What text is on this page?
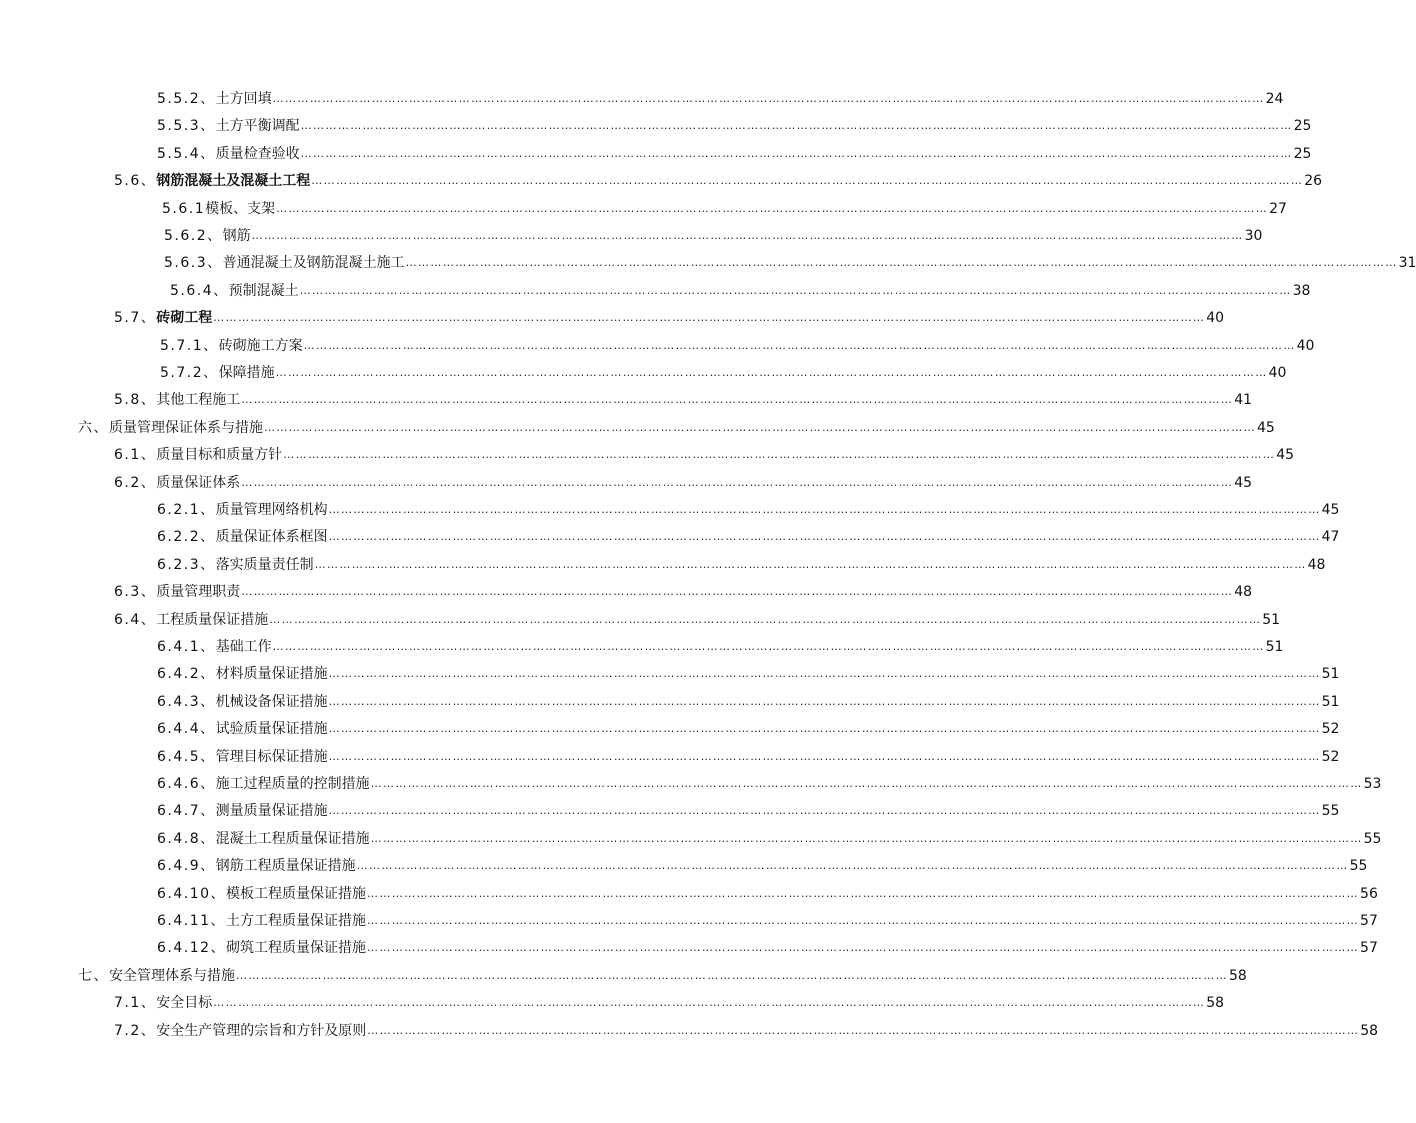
5.5.2、 土方回填 …………………………………………………………………………………………………………………………………………………………………………………………………………………… 24
5.5.3、 土方平衡调配 …………………………………………………………………………………………………………………………………………………………………………………………………………………… 25
5.5.4、 质量检查验收 …………………………………………………………………………………………………………………………………………………………………………………………………………………… 25
5.6、 钢筋混凝土及混凝土工程 …………………………………………………………………………………………………………………………………………………………………………………………………………………… 26
5.6.1 模板、支架 …………………………………………………………………………………………………………………………………………………………………………………………………………………… 27
5.6.2、 钢筋 …………………………………………………………………………………………………………………………………………………………………………………………………………………… 30
5.6.3、 普通混凝土及钢筋混凝土施工 …………………………………………………………………………………………………………………………………………………………………………………………………………………… 31
5.6.4、 预制混凝土 …………………………………………………………………………………………………………………………………………………………………………………………………………………… 38
5.7、 砖砌工程 …………………………………………………………………………………………………………………………………………………………………………………………………………………… 40
5.7.1、 砖砌施工方案 …………………………………………………………………………………………………………………………………………………………………………………………………………………… 40
5.7.2、 保障措施 …………………………………………………………………………………………………………………………………………………………………………………………………………………… 40
5.8、 其他工程施工 …………………………………………………………………………………………………………………………………………………………………………………………………………………… 41
六、 质量管理保证体系与措施 …………………………………………………………………………………………………………………………………………………………………………………………………………………… 45
6.1、 质量目标和质量方针 …………………………………………………………………………………………………………………………………………………………………………………………………………………… 45
6.2、 质量保证体系 …………………………………………………………………………………………………………………………………………………………………………………………………………………… 45
6.2.1、 质量管理网络机构 …………………………………………………………………………………………………………………………………………………………………………………………………………………… 45
6.2.2、 质量保证体系框图 …………………………………………………………………………………………………………………………………………………………………………………………………………………… 47
6.2.3、 落实质量责任制 …………………………………………………………………………………………………………………………………………………………………………………………………………………… 48
6.3、 质量管理职责 …………………………………………………………………………………………………………………………………………………………………………………………………………………… 48
6.4、 工程质量保证措施 …………………………………………………………………………………………………………………………………………………………………………………………………………………… 51
6.4.1、 基础工作 …………………………………………………………………………………………………………………………………………………………………………………………………………………… 51
6.4.2、 材料质量保证措施 …………………………………………………………………………………………………………………………………………………………………………………………………………………… 51
6.4.3、 机械设备保证措施 …………………………………………………………………………………………………………………………………………………………………………………………………………………… 51
6.4.4、 试验质量保证措施 …………………………………………………………………………………………………………………………………………………………………………………………………………………… 52
6.4.5、 管理目标保证措施 …………………………………………………………………………………………………………………………………………………………………………………………………………………… 52
6.4.6、 施工过程质量的控制措施 …………………………………………………………………………………………………………………………………………………………………………………………………………………… 53
6.4.7、 测量质量保证措施 …………………………………………………………………………………………………………………………………………………………………………………………………………………… 55
6.4.8、 混凝土工程质量保证措施 …………………………………………………………………………………………………………………………………………………………………………………………………………………… 55
6.4.9、 钢筋工程质量保证措施 …………………………………………………………………………………………………………………………………………………………………………………………………………………… 55
6.4.10、 模板工程质量保证措施 …………………………………………………………………………………………………………………………………………………………………………………………………………………… 56
6.4.11、 土方工程质量保证措施 …………………………………………………………………………………………………………………………………………………………………………………………………………………… 57
6.4.12、 砌筑工程质量保证措施 …………………………………………………………………………………………………………………………………………………………………………………………………………………… 57
七、 安全管理体系与措施 …………………………………………………………………………………………………………………………………………………………………………………………………………………… 58
7.1、 安全目标 …………………………………………………………………………………………………………………………………………………………………………………………………………………… 58
7.2、 安全生产管理的宗旨和方针及原则 …………………………………………………………………………………………………………………………………………………………………………………………………………………… 58
